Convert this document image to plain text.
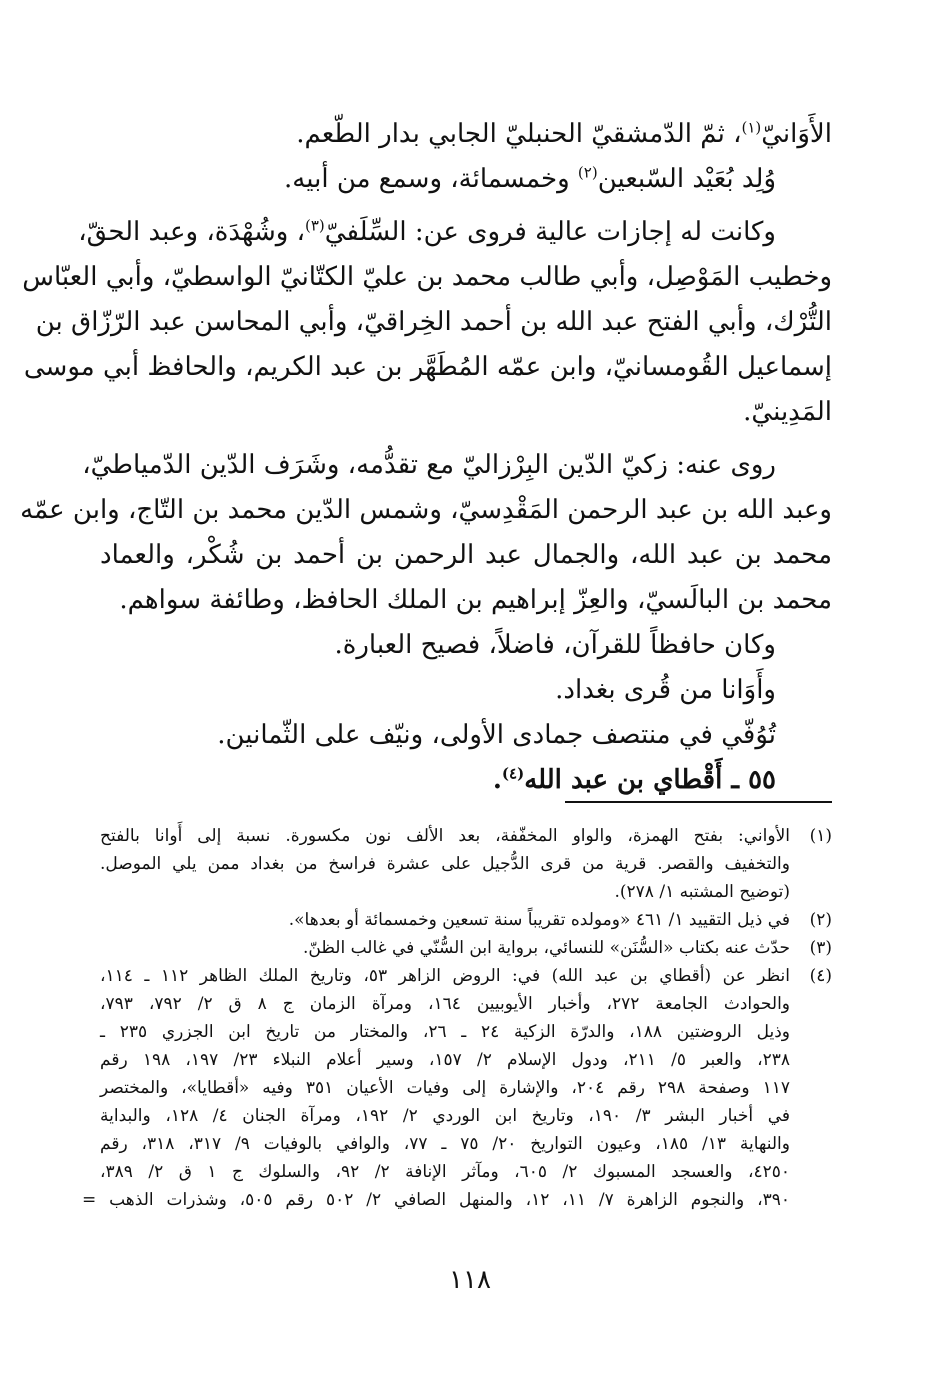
الأَوَانيّ$^{(١)}$، ثمّ الدّمشقيّ الحنبليّ الجابي بدار الطّعم.
وُلِد بُعَيْد السّبعين$^{(٢)}$ وخمسمائة، وسمع من أبيه.
وكانت له إجازات عالية فروى عن: السِّلَفيّ$^{(٣)}$، وشُهْدَة، وعبد الحقّ،
وخطيب المَوْصِل، وأبي طالب محمد بن عليّ الكتّانيّ الواسطيّ، وأبي العبّاس
التُّرْك، وأبي الفتح عبد الله بن أحمد الخِراقيّ، وأبي المحاسن عبد الرّزّاق بن
إسماعيل القُومسانيّ، وابن عمّه المُطَهَّر بن عبد الكريم، والحافظ أبي موسى
المَدِينيّ.
روى عنه: زكيّ الدّين البِرْزاليّ مع تقدُّمه، وشَرَف الدّين الدّمياطيّ،
وعبد الله بن عبد الرحمن المَقْدِسيّ، وشمس الدّين محمد بن التّاج، وابن عمّه
محمد بن عبد الله، والجمال عبد الرحمن بن أحمد بن شُكْر، والعماد
محمد بن البالَسيّ، والعِزّ إبراهيم بن الملك الحافظ، وطائفة سواهم.
وكان حافظاً للقرآن، فاضلاً، فصيح العبارة.
وأَوَانا من قُرى بغداد.
تُوُفّي في منتصف جمادى الأولى، ونيّف على الثّمانين.
٥٥ ـ أَقْطاي بن عبد الله$^{(٤)}$.
(١)
الأواني: بفتح الهمزة، والواو المخفّفة، بعد الألف نون مكسورة. نسبة إلى أَوانا بالفتح
والتخفيف والقصر. قرية من قرى الدُّجيل على عشرة فراسخ من بغداد ممن يلي الموصل.
(توضيح المشتبه ١/ ٢٧٨).
(٢)
في ذيل التقييد ١/ ٤٦١ «ومولده تقريباً سنة تسعين وخمسمائة أو بعدها».
(٣)
حدّث عنه بكتاب «السُّنَن» للنسائي، برواية ابن السُّنّي في غالب الظنّ.
(٤)
انظر عن (أقطاي بن عبد الله) في: الروض الزاهر ٥٣، وتاريخ الملك الظاهر ١١٢ ـ ١١٤،
والحوادث الجامعة ٢٧٢، وأخبار الأيوبيين ١٦٤، ومرآة الزمان ج ٨ ق ٢/ ٧٩٢، ٧٩٣،
وذيل الروضتين ١٨٨، والدرّة الزكية ٢٤ ـ ٢٦، والمختار من تاريخ ابن الجزري ٢٣٥ ـ
٢٣٨، والعبر ٥/ ٢١١، ودول الإسلام ٢/ ١٥٧، وسير أعلام النبلاء ٢٣/ ١٩٧، ١٩٨ رقم
١١٧ وصفحة ٢٩٨ رقم ٢٠٤، والإشارة إلى وفيات الأعيان ٣٥١ وفيه «أقطايا»، والمختصر
في أخبار البشر ٣/ ١٩٠، وتاريخ ابن الوردي ٢/ ١٩٢، ومرآة الجنان ٤/ ١٢٨، والبداية
والنهاية ١٣/ ١٨٥، وعيون التواريخ ٢٠/ ٧٥ ـ ٧٧، والوافي بالوفيات ٩/ ٣١٧، ٣١٨، رقم
٤٢٥٠، والعسجد المسبوك ٢/ ٦٠٥، ومآثر الإنافة ٢/ ٩٢، والسلوك ج ١ ق ٢/ ٣٨٩،
٣٩٠، والنجوم الزاهرة ٧/ ١١، ١٢، والمنهل الصافي ٢/ ٥٠٢ رقم ٥٠٥، وشذرات الذهب =
١١٨
